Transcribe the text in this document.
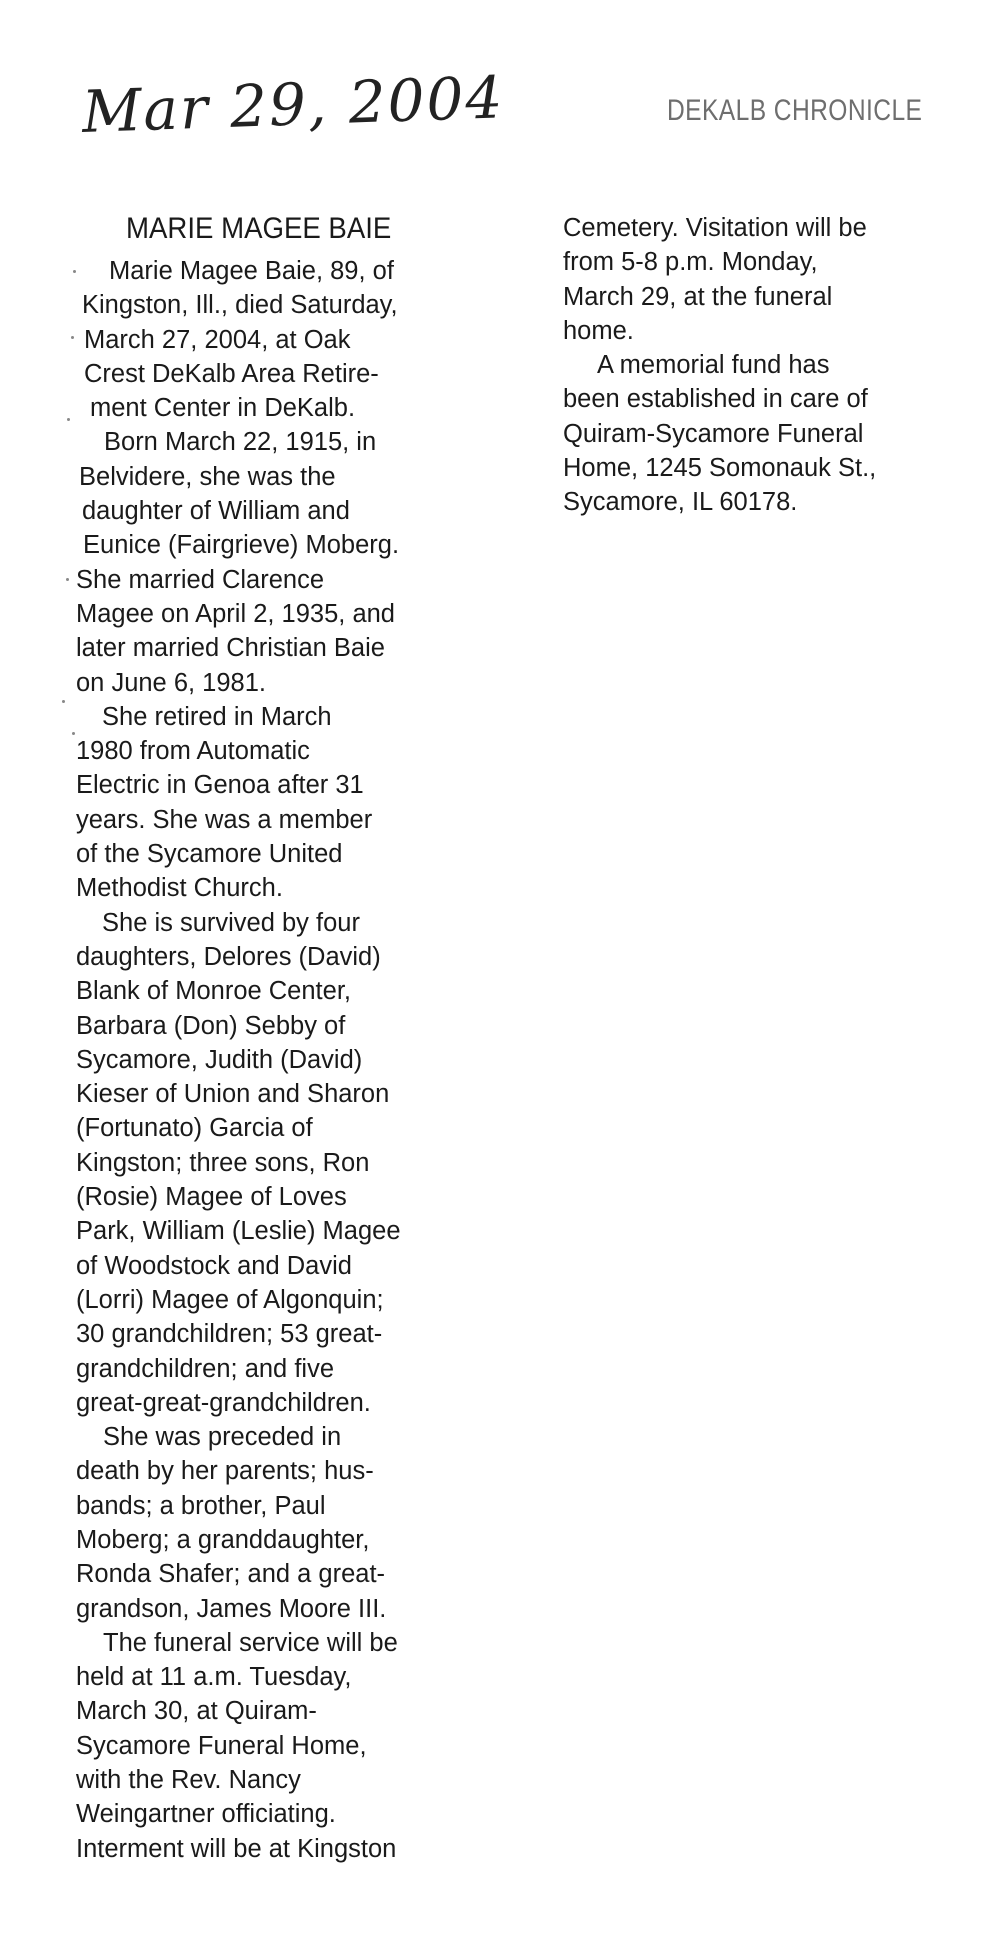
Mar 29, 2004	DEKALB CHRONICLE
MARIE MAGEE BAIE
Marie Magee Baie, 89, of
Kingston, Ill., died Saturday,
March 27, 2004, at Oak
Crest DeKalb Area Retire-
ment Center in DeKalb.
Born March 22, 1915, in
Belvidere, she was the
daughter of William and
Eunice (Fairgrieve) Moberg.
She married Clarence
Magee on April 2, 1935, and
later married Christian Baie
on June 6, 1981.
She retired in March
1980 from Automatic
Electric in Genoa after 31
years. She was a member
of the Sycamore United
Methodist Church.
She is survived by four
daughters, Delores (David)
Blank of Monroe Center,
Barbara (Don) Sebby of
Sycamore, Judith (David)
Kieser of Union and Sharon
(Fortunato) Garcia of
Kingston; three sons, Ron
(Rosie) Magee of Loves
Park, William (Leslie) Magee
of Woodstock and David
(Lorri) Magee of Algonquin;
30 grandchildren; 53 great-
grandchildren; and five
great-great-grandchildren.
She was preceded in
death by her parents; hus-
bands; a brother, Paul
Moberg; a granddaughter,
Ronda Shafer; and a great-
grandson, James Moore III.
The funeral service will be
held at 11 a.m. Tuesday,
March 30, at Quiram-
Sycamore Funeral Home,
with the Rev. Nancy
Weingartner officiating.
Interment will be at Kingston
Cemetery. Visitation will be
from 5-8 p.m. Monday,
March 29, at the funeral
home.
A memorial fund has
been established in care of
Quiram-Sycamore Funeral
Home, 1245 Somonauk St.,
Sycamore, IL 60178.
